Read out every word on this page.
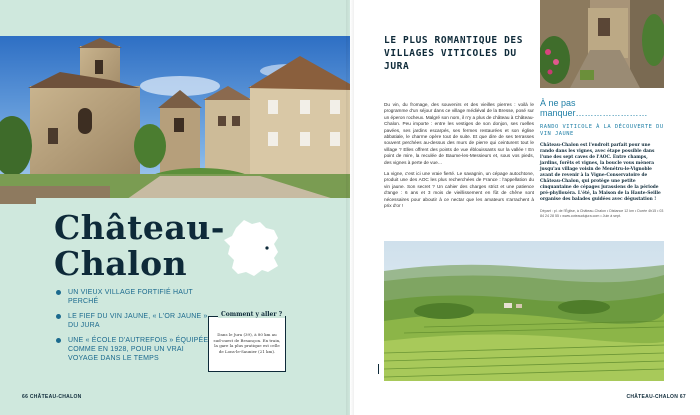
Château-
Chalon
UN VIEUX VILLAGE FORTIFIÉ HAUT PERCHÉ
LE FIEF DU VIN JAUNE, « L'OR JAUNE » DU JURA
UNE « ÉCOLE D'AUTREFOIS » ÉQUIPÉE COMME EN 1928, POUR UN VRAI VOYAGE DANS LE TEMPS
Dans le Jura (39), à 80 km au sud-ouest de Besançon. En train, la gare la plus pratique est celle de Lons-le-Saunier (21 km).
Comment y aller ?
66 CHÂTEAU-CHALON	CHÂTEAU-CHALON 67
LE PLUS ROMANTIQUE DES VILLAGES VITICOLES DU JURA

Du vin, du fromage, des souvenirs et des vieilles pierres : voilà le programme d'un séjour dans ce village médiéval de la Bresse, posé sur un éperon rocheux. Malgré son nom, il n'y a plus de château à Château-Chalon. Peu importe : entre les vestiges de son donjon, ses ruelles pavées, ses jardins escarpés, ses fermes restaurées et son église abbatiale, le charme opère tout de suite. Et que dire de ses terrasses souvent perchées au-dessus des murs de pierre qui ceinturent tout le village ? Elles offrent des points de vue éblouissants sur la vallée ! En point de mire, la reculée de Baume-les-Messieurs et, sous vos pieds, des vignes à perte de vue…

La vigne, c'est ici une vraie fierté. Le savagnin, un cépage autochtone, produit une des AOC les plus recherchées de France : l'appellation du vin jaune. Son secret ? Un cahier des charges strict et une patience d'ange : 6 ans et 3 mois de vieillissement en fût de chêne sont nécessaires pour aboutir à ce nectar que les amateurs s'arrachent à prix d'or !

À ne pas
manquer……………………
RANDO VITICOLE À LA DÉCOUVERTE DU VIN JAUNE
Château-Chalon est l'endroit parfait pour une rando dans les vignes, avec étape possible dans l'une des sept caves de l'AOC. Entre champs, jardins, forêts et vignes, la boucle vous mènera jusqu'au village voisin de Menétru-le-Vignoble avant de revenir à la Vigne-Conservatoire de Château-Chalon, qui protège une petite cinquantaine de cépages jurassiens de la période pré-phylloxéra. L'été, la Maison de la Haute-Seille organise des balades guidées avec dégustation !
Départ : pl. de l'Église, à Château-Chalon • Distance 12 km • Durée 4h15 • 03 84 24 28 55 • www.coteaudujura.com • Juin à sept.
